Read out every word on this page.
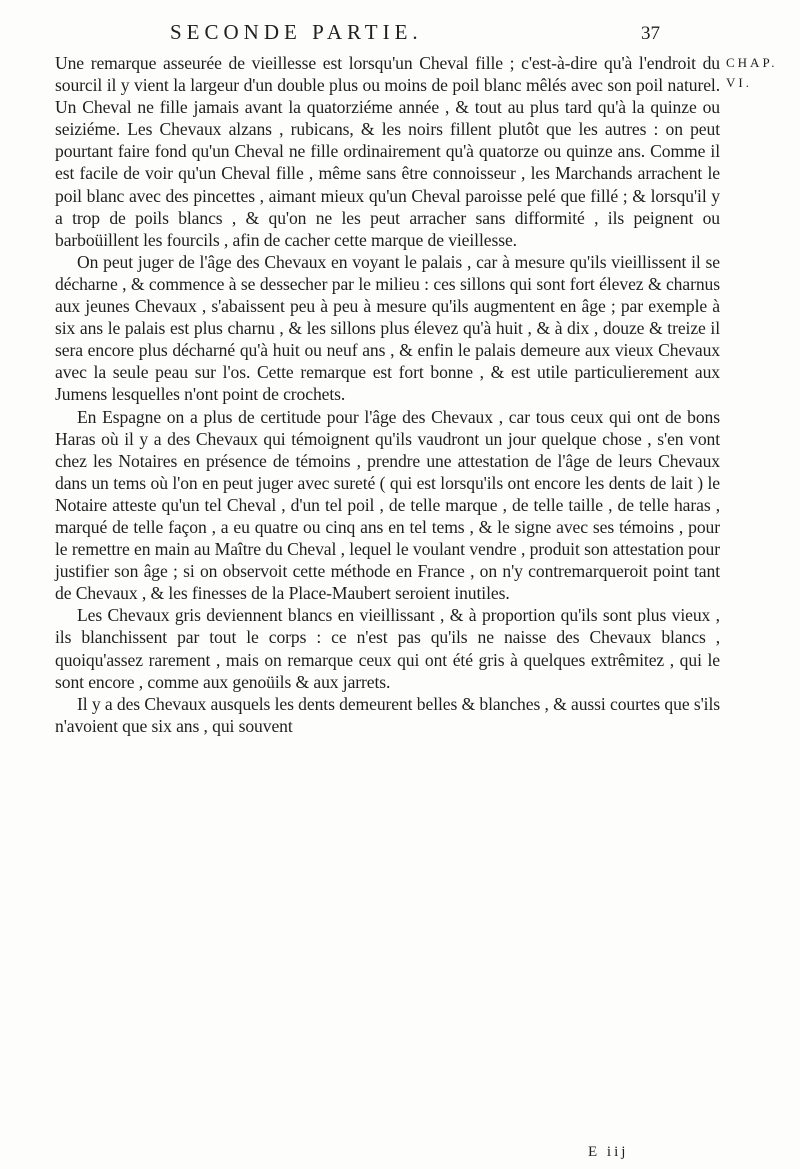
SECONDE PARTIE.	37
CHAP.
VI.

Une remarque asseurée de vieillesse est lorsqu'un Cheval fille ; c'est-à-dire qu'à l'endroit du sourcil il y vient la largeur d'un double plus ou moins de poil blanc mêlés avec son poil naturel. Un Cheval ne fille jamais avant la quatorziéme année , & tout au plus tard qu'à la quinze ou seiziéme. Les Chevaux alzans , rubicans, & les noirs fillent plutôt que les autres : on peut pourtant faire fond qu'un Cheval ne fille ordinairement qu'à quatorze ou quinze ans. Comme il est facile de voir qu'un Cheval fille , même sans être connoisseur , les Marchands arrachent le poil blanc avec des pincettes , aimant mieux qu'un Cheval paroisse pelé que fillé ; & lorsqu'il y a trop de poils blancs , & qu'on ne les peut arracher sans difformité , ils peignent ou barboüillent les fourcils , afin de cacher cette marque de vieillesse.

On peut juger de l'âge des Chevaux en voyant le palais , car à mesure qu'ils vieillissent il se décharne , & commence à se dessecher par le milieu : ces sillons qui sont fort élevez & charnus aux jeunes Chevaux , s'abaissent peu à peu à mesure qu'ils augmentent en âge ; par exemple à six ans le palais est plus charnu , & les sillons plus élevez qu'à huit , & à dix , douze & treize il sera encore plus décharné qu'à huit ou neuf ans , & enfin le palais demeure aux vieux Chevaux avec la seule peau sur l'os. Cette remarque est fort bonne , & est utile particulierement aux Jumens lesquelles n'ont point de crochets.

En Espagne on a plus de certitude pour l'âge des Chevaux , car tous ceux qui ont de bons Haras où il y a des Chevaux qui témoignent qu'ils vaudront un jour quelque chose , s'en vont chez les Notaires en présence de témoins , prendre une attestation de l'âge de leurs Chevaux dans un tems où l'on en peut juger avec sureté ( qui est lorsqu'ils ont encore les dents de lait ) le Notaire atteste qu'un tel Cheval , d'un tel poil , de telle marque , de telle taille , de telle haras , marqué de telle façon , a eu quatre ou cinq ans en tel tems , & le signe avec ses témoins , pour le remettre en main au Maître du Cheval , lequel le voulant vendre , produit son attestation pour justifier son âge ; si on observoit cette méthode en France , on n'y contremarqueroit point tant de Chevaux , & les finesses de la Place-Maubert seroient inutiles.

Les Chevaux gris deviennent blancs en vieillissant , & à proportion qu'ils sont plus vieux , ils blanchissent par tout le corps : ce n'est pas qu'ils ne naisse des Chevaux blancs , quoiqu'assez rarement , mais on remarque ceux qui ont été gris à quelques extrêmitez , qui le sont encore , comme aux genoüils & aux jarrets.

Il y a des Chevaux ausquels les dents demeurent belles & blanches , & aussi courtes que s'ils n'avoient que six ans , qui souvent

E iij
